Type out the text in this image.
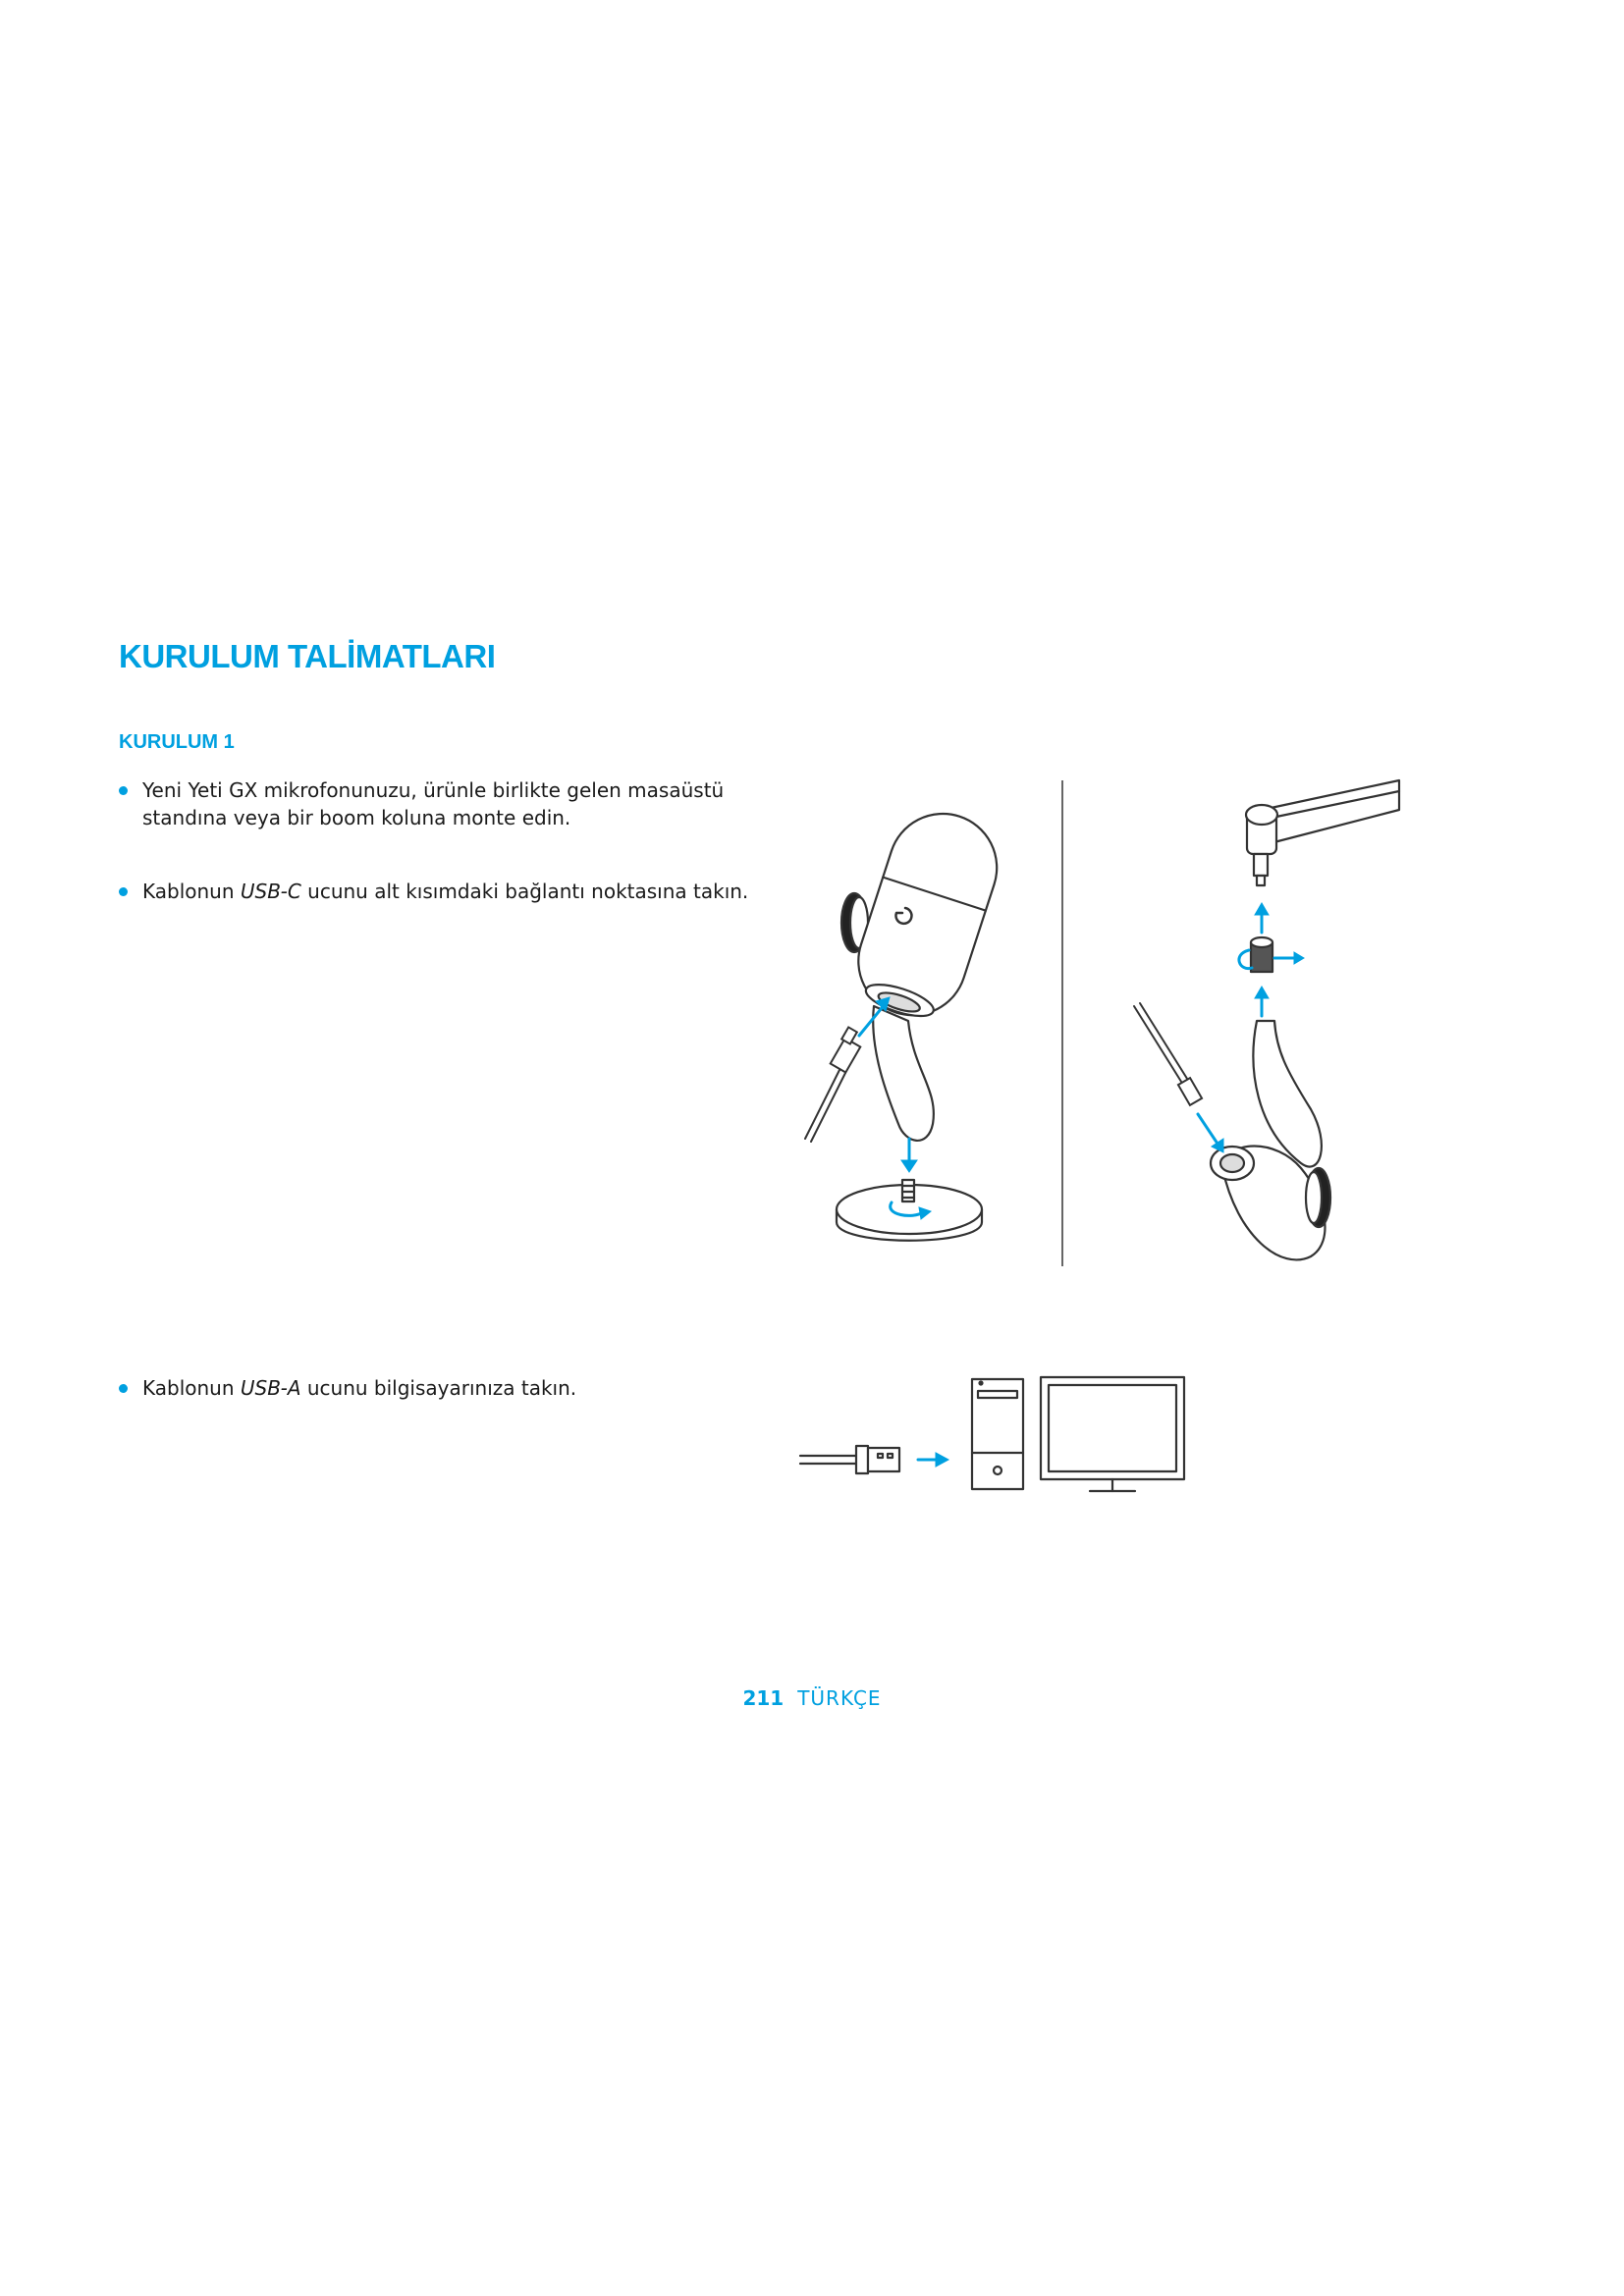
KURULUM TALİMATLARI
KURULUM 1
Yeni Yeti GX mikrofonunuzu, ürünle birlikte gelen masaüstü standına veya bir boom koluna monte edin.
Kablonun USB-C ucunu alt kısımdaki bağlantı noktasına takın.
Kablonun USB-A ucunu bilgisayarınıza takın.
211 TÜRKÇE
